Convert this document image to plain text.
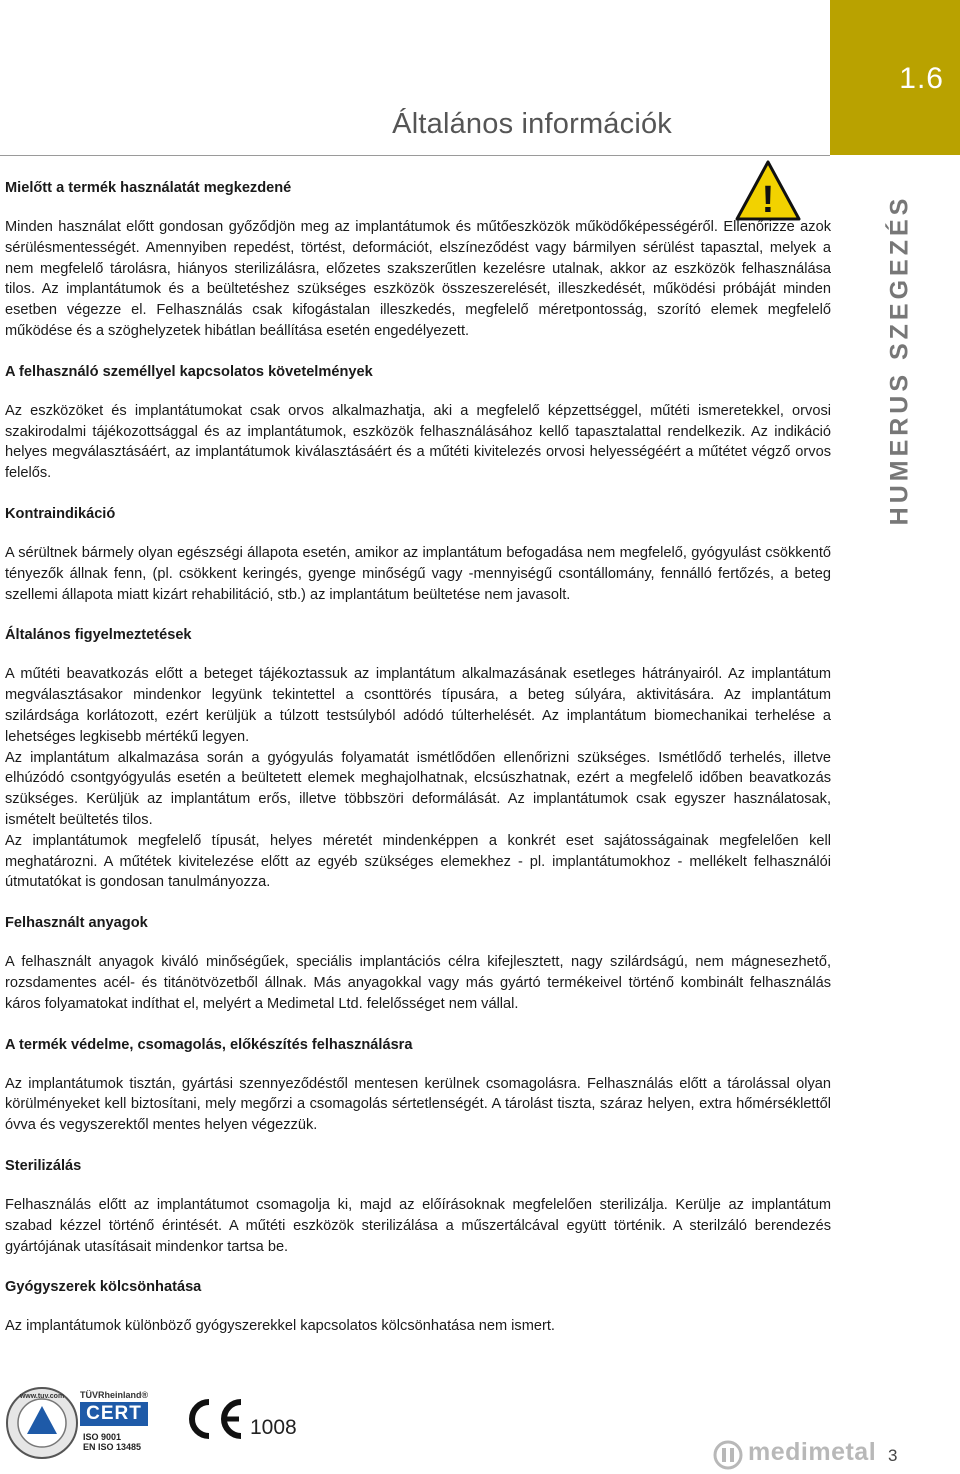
Általános információk
1.6
HUMERUS SZEGEZÉS
!
Mielőtt a termék használatát megkezdené

Minden használat előtt gondosan győződjön meg az implantátumok és műtőeszközök működőképességéről. Ellenőrizze azok sérülésmentességét. Amennyiben repedést, törtést, deformációt, elszíneződést vagy bármilyen sérülést tapasztal, melyek a nem megfelelő tárolásra, hiányos sterilizálásra, előzetes szakszerűtlen kezelésre utalnak, akkor az eszközök felhasználása tilos. Az implantátumok és a beültetéshez szükséges eszközök összeszerelését, illeszkedését, működési próbáját minden esetben végezze el. Felhasználás csak kifogástalan illeszkedés, megfelelő méretpontosság, szorító elemek megfelelő működése és a szöghelyzetek hibátlan beállítása esetén engedélyezett.

A felhasználó személlyel kapcsolatos követelmények

Az eszközöket és implantátumokat csak orvos alkalmazhatja, aki a megfelelő képzettséggel, műtéti ismeretekkel, orvosi szakirodalmi tájékozottsággal és az implantátumok, eszközök felhasználásához kellő tapasztalattal rendelkezik. Az indikáció helyes megválasztásáért, az implantátumok kiválasztásáért és a műtéti kivitelezés orvosi helyességéért a műtétet végző orvos felelős.

Kontraindikáció

A sérültnek bármely olyan egészségi állapota esetén, amikor az implantátum befogadása nem megfelelő, gyógyulást csökkentő tényezők állnak fenn, (pl. csökkent keringés, gyenge minőségű vagy -mennyiségű csontállomány, fennálló fertőzés, a beteg szellemi állapota miatt kizárt rehabilitáció, stb.) az implantátum beültetése nem javasolt.

Általános figyelmeztetések

A műtéti beavatkozás előtt a beteget tájékoztassuk az implantátum alkalmazásának esetleges hátrányairól. Az implantátum megválasztásakor mindenkor legyünk tekintettel a csonttörés típusára, a beteg súlyára, aktivitására. Az implantátum szilárdsága korlátozott, ezért kerüljük a túlzott testsúlyból adódó túlterhelését. Az implantátum biomechanikai terhelése a lehetséges legkisebb mértékű legyen.

Az implantátum alkalmazása során a gyógyulás folyamatát ismétlődően ellenőrizni szükséges. Ismétlődő terhelés, illetve elhúzódó csontgyógyulás esetén a beültetett elemek meghajolhatnak, elcsúszhatnak, ezért a megfelelő időben beavatkozás szükséges. Kerüljük az implantátum erős, illetve többszöri deformálását. Az implantátumok csak egyszer használatosak, ismételt beültetés tilos.

Az implantátumok megfelelő típusát, helyes méretét mindenképpen a konkrét eset sajátosságainak megfelelően kell meghatározni. A műtétek kivitelezése előtt az egyéb szükséges elemekhez - pl. implantátumokhoz - mellékelt felhasználói útmutatókat is gondosan tanulmányozza.

Felhasznált anyagok

A felhasznált anyagok kiváló minőségűek, speciális implantációs célra kifejlesztett, nagy szilárdságú, nem mágnesezhető, rozsdamentes acél- és titánötvözetből állnak. Más anyagokkal vagy más gyártó termékeivel történő kombinált felhasználás káros folyamatokat indíthat el, melyért a Medimetal Ltd. felelősséget nem vállal.

A termék védelme, csomagolás, előkészítés felhasználásra

Az implantátumok tisztán, gyártási szennyeződéstől mentesen kerülnek csomagolásra. Felhasználás előtt a tárolással olyan körülményeket kell biztosítani, mely megőrzi a csomagolás sértetlenségét. A tárolást tiszta, száraz helyen, extra hőmérséklettől óvva és vegyszerektől mentes helyen végezzük.

Sterilizálás

Felhasználás előtt az implantátumot csomagolja ki, majd az előírásoknak megfelelően sterilizálja. Kerülje az implantátum szabad kézzel történő érintését. A műtéti eszközök sterilizálása a műszertálcával együtt történik. A sterilzáló berendezés gyártójának utasításait mindenkor tartsa be.

Gyógyszerek kölcsönhatása

Az implantátumok különböző gyógyszerekkel kapcsolatos kölcsönhatása nem ismert.

www.tuv.com TÜVRheinland®
CERT
ISO 9001
EN ISO 13485
1008
medimetal 3
